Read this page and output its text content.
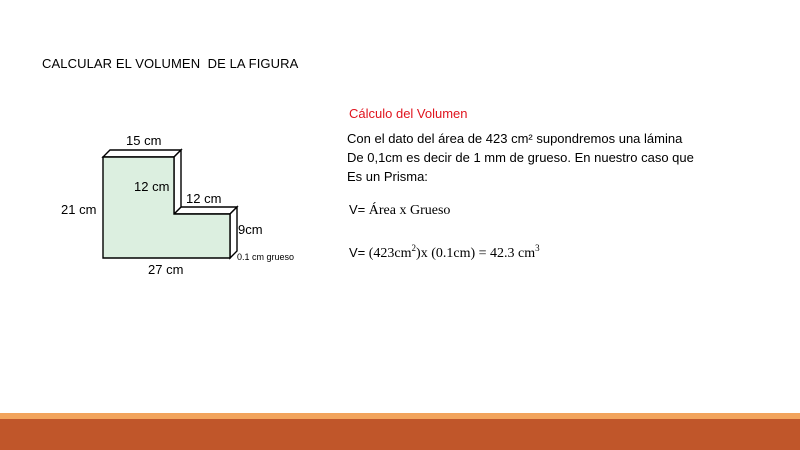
CALCULAR EL VOLUMEN  DE LA FIGURA
15 cm
21 cm
12 cm
12 cm
9cm
27 cm
0.1 cm grueso
Cálculo del Volumen
Con el dato del área de 423 cm² supondremos una lámina
De 0,1cm es decir de 1 mm de grueso. En nuestro caso que
Es un Prisma:
V= Área x Grueso
$V= (423cm^2)x$ (0.1cm) = 42.3 $cm^3$
